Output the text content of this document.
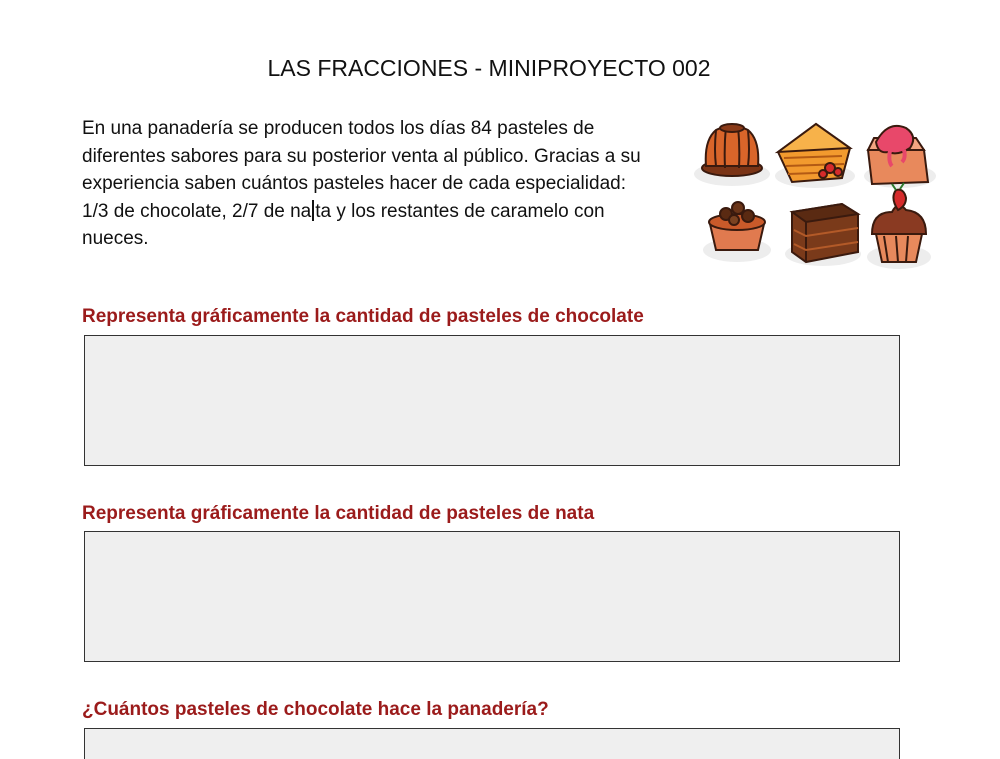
LAS FRACCIONES - MINIPROYECTO 002
En una panadería se producen todos los días 84 pasteles de
diferentes sabores para su posterior venta al público. Gracias a su
experiencia saben cuántos pasteles hacer de cada especialidad:
1/3 de chocolate, 2/7 de na ta y los restantes de caramelo con
nueces.
Representa gráficamente la cantidad de pasteles de chocolate
Representa gráficamente la cantidad de pasteles de nata
¿Cuántos pasteles de chocolate hace la panadería?
